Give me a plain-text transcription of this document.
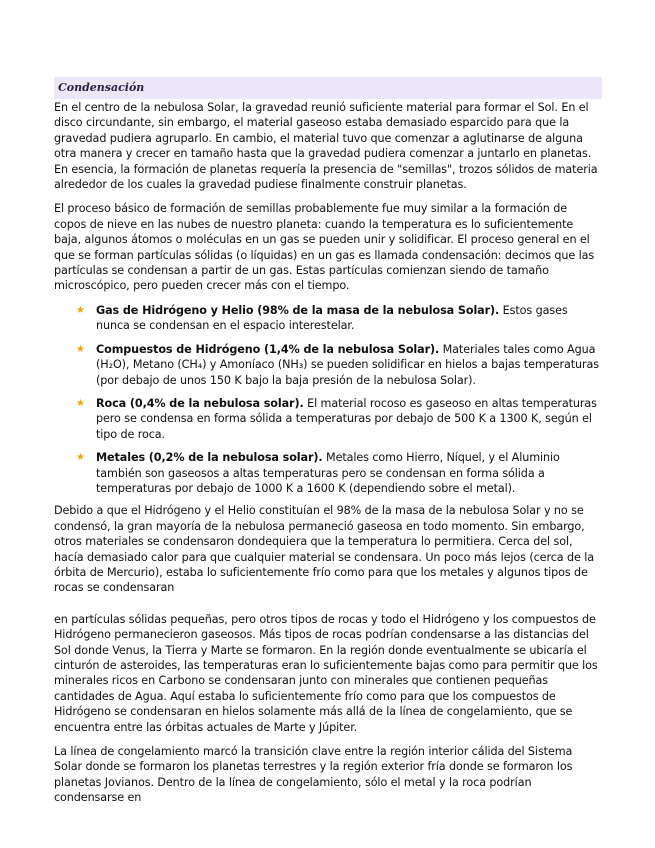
Condensación

En el centro de la nebulosa Solar, la gravedad reunió suficiente material para formar el Sol. En el disco circundante, sin embargo, el material gaseoso estaba demasiado esparcido para que la gravedad pudiera agruparlo. En cambio, el material tuvo que comenzar a aglutinarse de alguna otra manera y crecer en tamaño hasta que la gravedad pudiera comenzar a juntarlo en planetas. En esencia, la formación de planetas requería la presencia de "semillas", trozos sólidos de materia alrededor de los cuales la gravedad pudiese finalmente construir planetas.

El proceso básico de formación de semillas probablemente fue muy similar a la formación de copos de nieve en las nubes de nuestro planeta: cuando la temperatura es lo suficientemente baja, algunos átomos o moléculas en un gas se pueden unir y solidificar. El proceso general en el que se forman partículas sólidas (o líquidas) en un gas es llamada condensación: decimos que las partículas se condensan a partir de un gas. Estas partículas comienzan siendo de tamaño microscópico, pero pueden crecer más con el tiempo.

★ Gas de Hidrógeno y Helio (98% de la masa de la nebulosa Solar). Estos gases nunca se condensan en el espacio interestelar.
★ Compuestos de Hidrógeno (1,4% de la nebulosa Solar). Materiales tales como Agua (H₂O), Metano (CH₄) y Amoníaco (NH₃) se pueden solidificar en hielos a bajas temperaturas (por debajo de unos 150 K bajo la baja presión de la nebulosa Solar).
★ Roca (0,4% de la nebulosa solar). El material rocoso es gaseoso en altas temperaturas pero se condensa en forma sólida a temperaturas por debajo de 500 K a 1300 K, según el tipo de roca.
★ Metales (0,2% de la nebulosa solar). Metales como Hierro, Níquel, y el Aluminio también son gaseosos a altas temperaturas pero se condensan en forma sólida a temperaturas por debajo de 1000 K a 1600 K (dependiendo sobre el metal).

Debido a que el Hidrógeno y el Helio constituían el 98% de la masa de la nebulosa Solar y no se condensó, la gran mayoría de la nebulosa permaneció gaseosa en todo momento. Sin embargo, otros materiales se condensaron dondequiera que la temperatura lo permitiera. Cerca del sol, hacía demasiado calor para que cualquier material se condensara. Un poco más lejos (cerca de la órbita de Mercurio), estaba lo suficientemente frío como para que los metales y algunos tipos de rocas se condensaran

en partículas sólidas pequeñas, pero otros tipos de rocas y todo el Hidrógeno y los compuestos de Hidrógeno permanecieron gaseosos. Más tipos de rocas podrían condensarse a las distancias del Sol donde Venus, la Tierra y Marte se formaron. En la región donde eventualmente se ubicaría el cinturón de asteroides, las temperaturas eran lo suficientemente bajas como para permitir que los minerales ricos en Carbono se condensaran junto con minerales que contienen pequeñas cantidades de Agua. Aquí estaba lo suficientemente frío como para que los compuestos de Hidrógeno se condensaran en hielos solamente más allá de la línea de congelamiento, que se encuentra entre las órbitas actuales de Marte y Júpiter.

La línea de congelamiento marcó la transición clave entre la región interior cálida del Sistema Solar donde se formaron los planetas terrestres y la región exterior fría donde se formaron los planetas Jovianos. Dentro de la línea de congelamiento, sólo el metal y la roca podrían condensarse en
